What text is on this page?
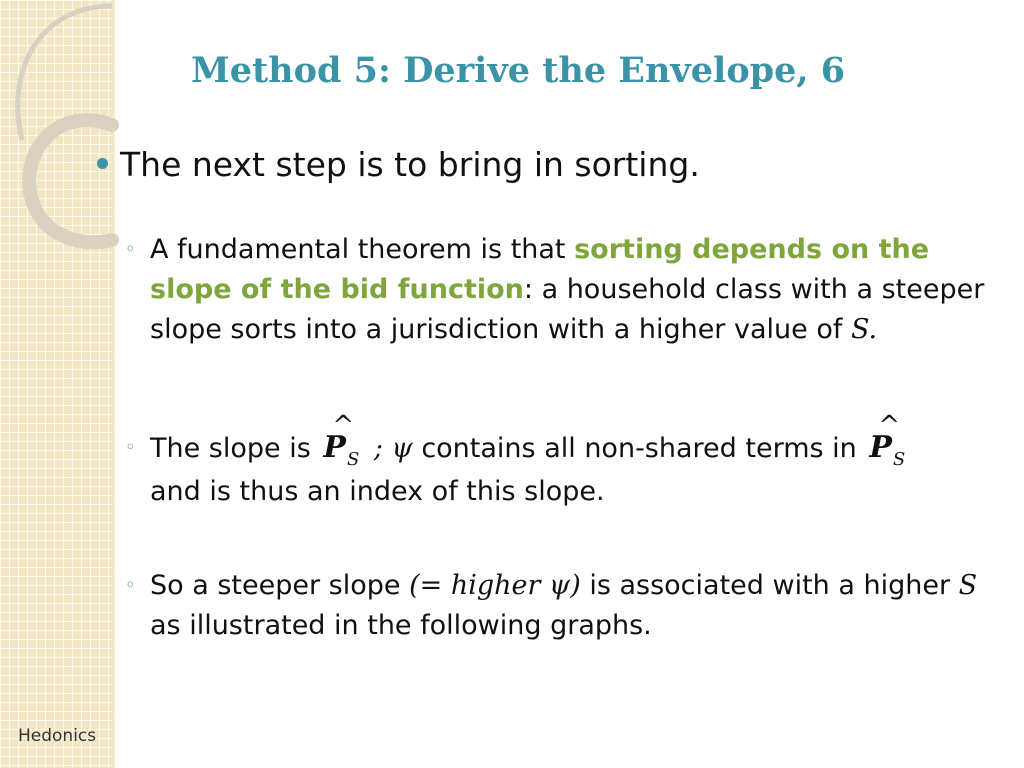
Hedonics
Method 5: Derive the Envelope, 6
The next step is to bring in sorting.
◦ A fundamental theorem is that sorting depends on the slope of the bid function: a household class with a steeper slope sorts into a jurisdiction with a higher value of S.
◦ The slope is
^
$P_S$ ; ψ contains all non-shared terms in
^
$P_S$
and is thus an index of this slope.
◦ So a steeper slope (= higher ψ) is associated with a higher S as illustrated in the following graphs.
